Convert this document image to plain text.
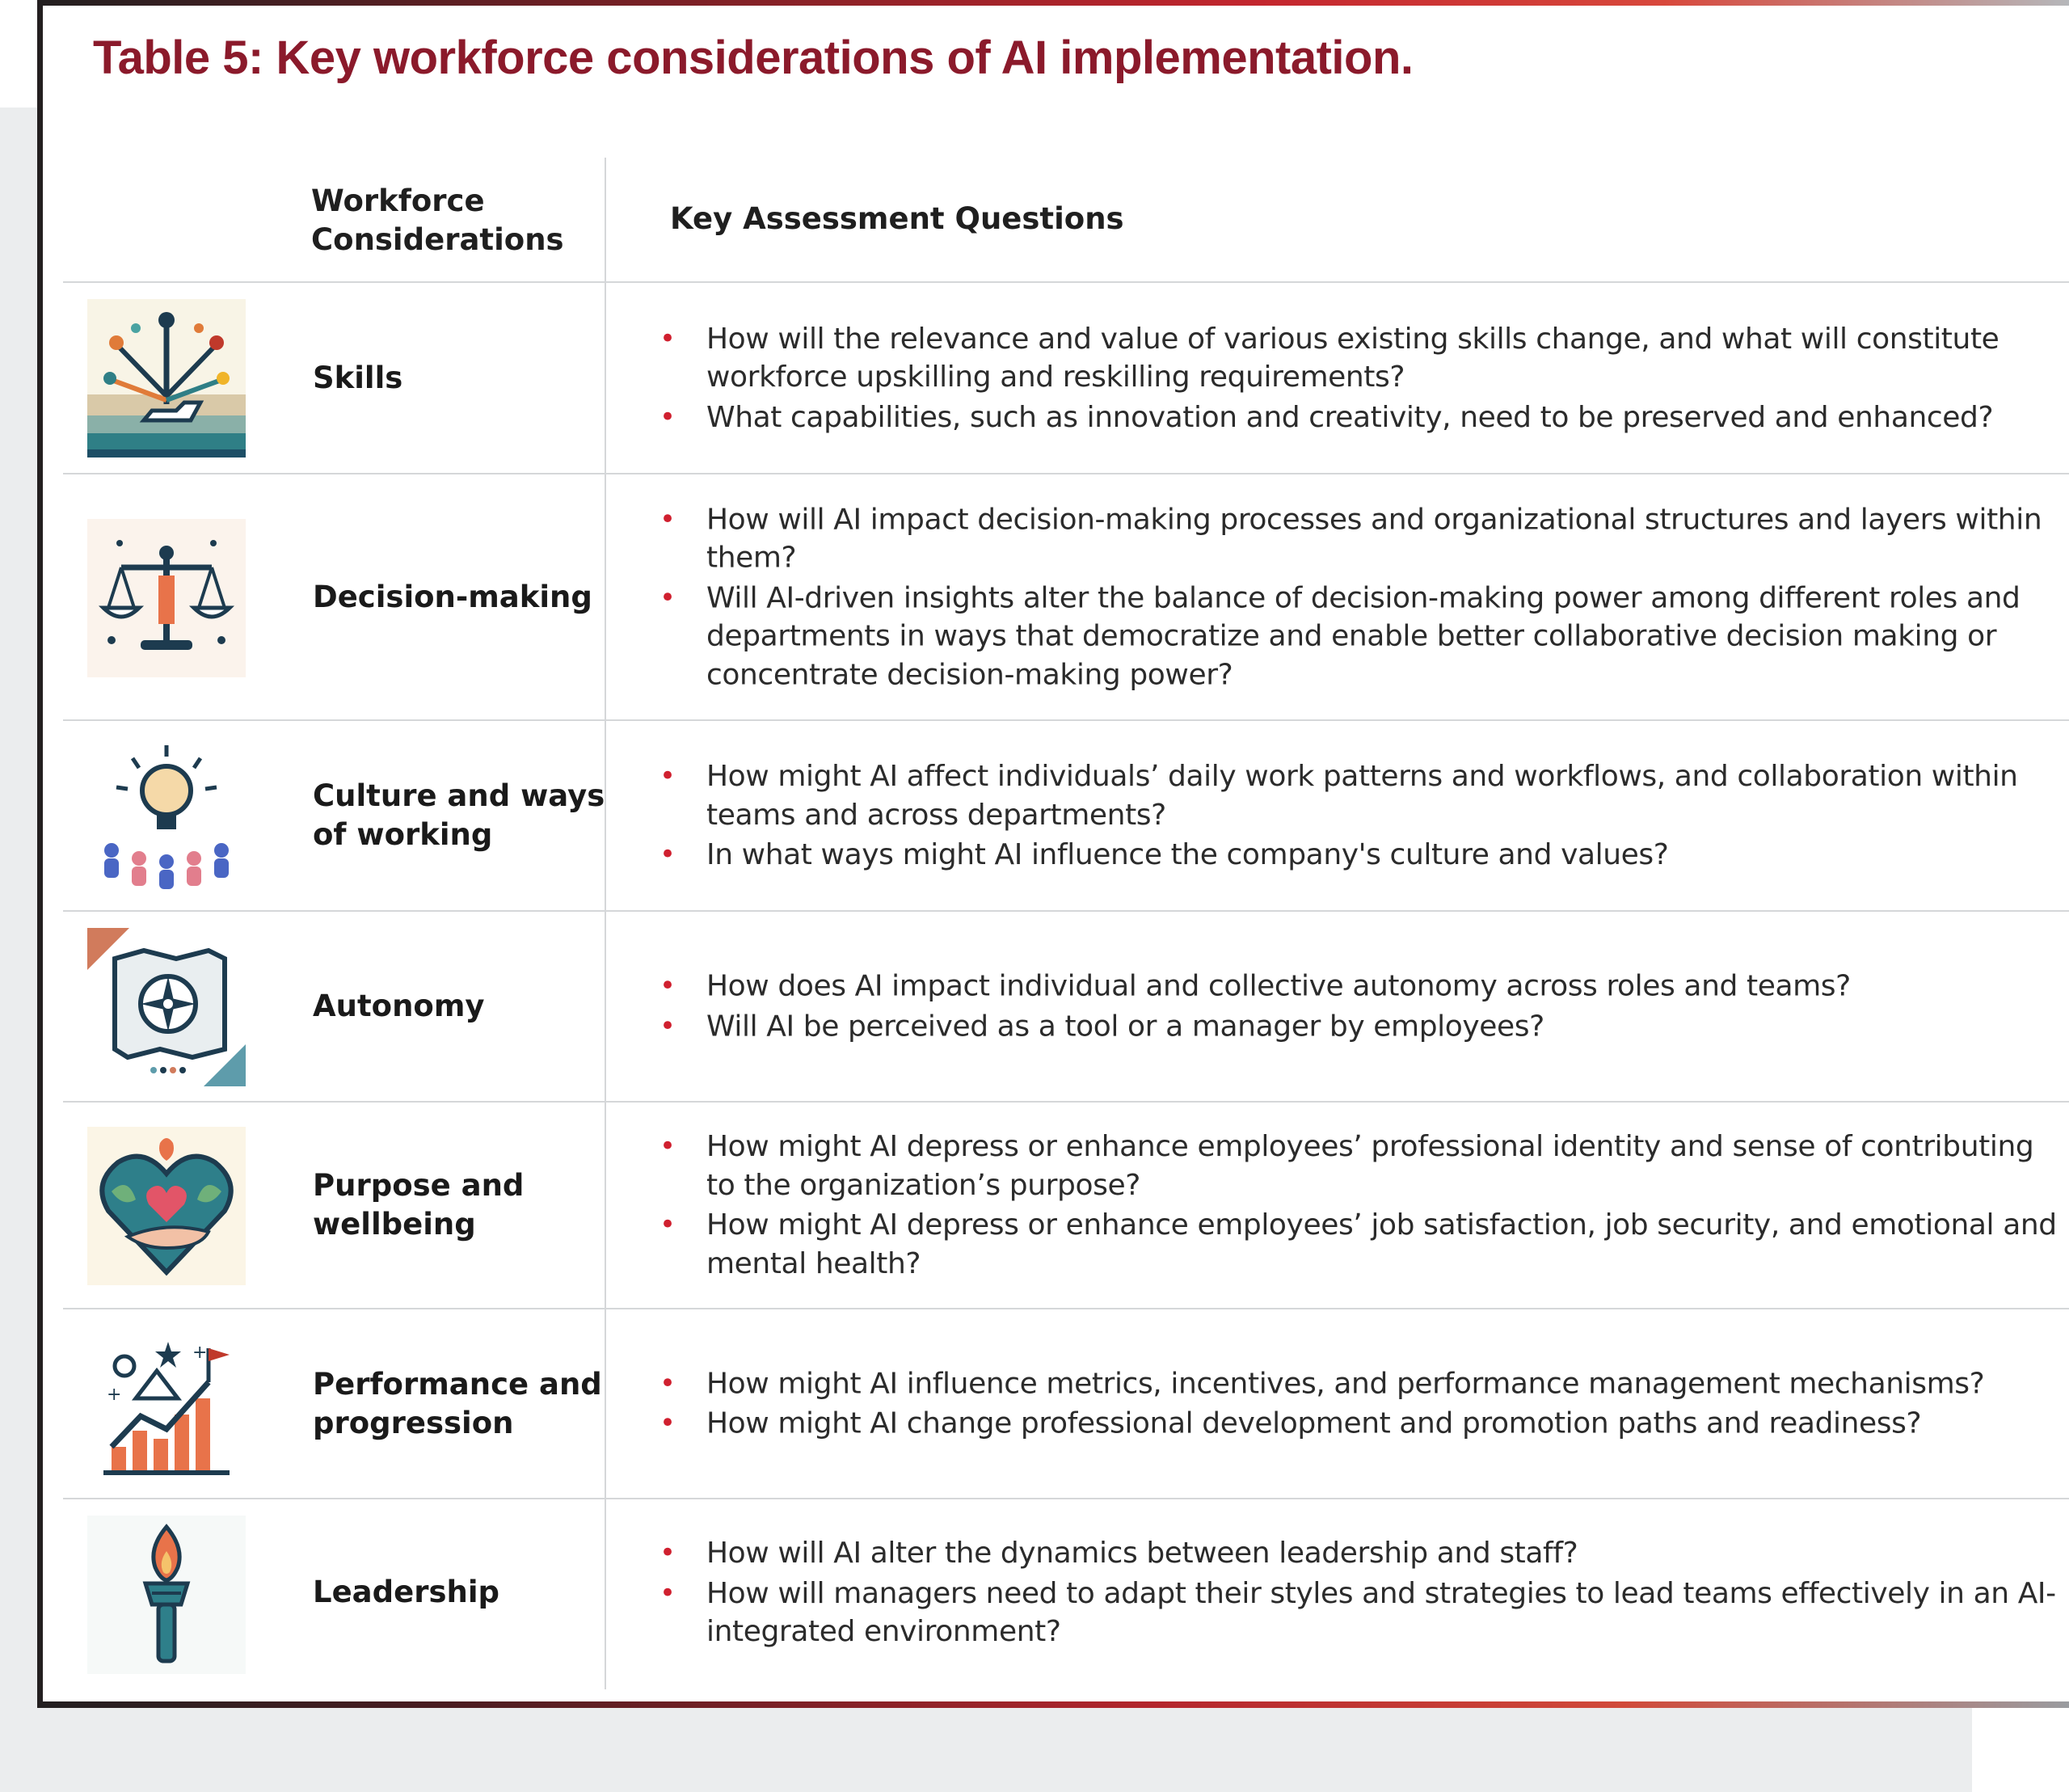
Table 5: Key workforce considerations of AI implementation.
Workforce Considerations
Key Assessment Questions
Skills
• How will the relevance and value of various existing skills change, and what will constitute workforce upskilling and reskilling requirements?
• What capabilities, such as innovation and creativity, need to be preserved and enhanced?
Decision-making
• How will AI impact decision-making processes and organizational structures and layers within them?
• Will AI-driven insights alter the balance of decision-making power among different roles and departments in ways that democratize and enable better collaborative decision making or concentrate decision-making power?
Culture and ways of working
• How might AI affect individuals’ daily work patterns and workflows, and collaboration within teams and across departments?
• In what ways might AI influence the company's culture and values?
Autonomy
• How does AI impact individual and collective autonomy across roles and teams?
• Will AI be perceived as a tool or a manager by employees?
Purpose and wellbeing
• How might AI depress or enhance employees’ professional identity and sense of contributing to the organization’s purpose?
• How might AI depress or enhance employees’ job satisfaction, job security, and emotional and mental health?
+
+	Performance and progression
• How might AI influence metrics, incentives, and performance management mechanisms?
• How might AI change professional development and promotion paths and readiness?
Leadership
• How will AI alter the dynamics between leadership and staff?
• How will managers need to adapt their styles and strategies to lead teams effectively in an AI-integrated environment?
